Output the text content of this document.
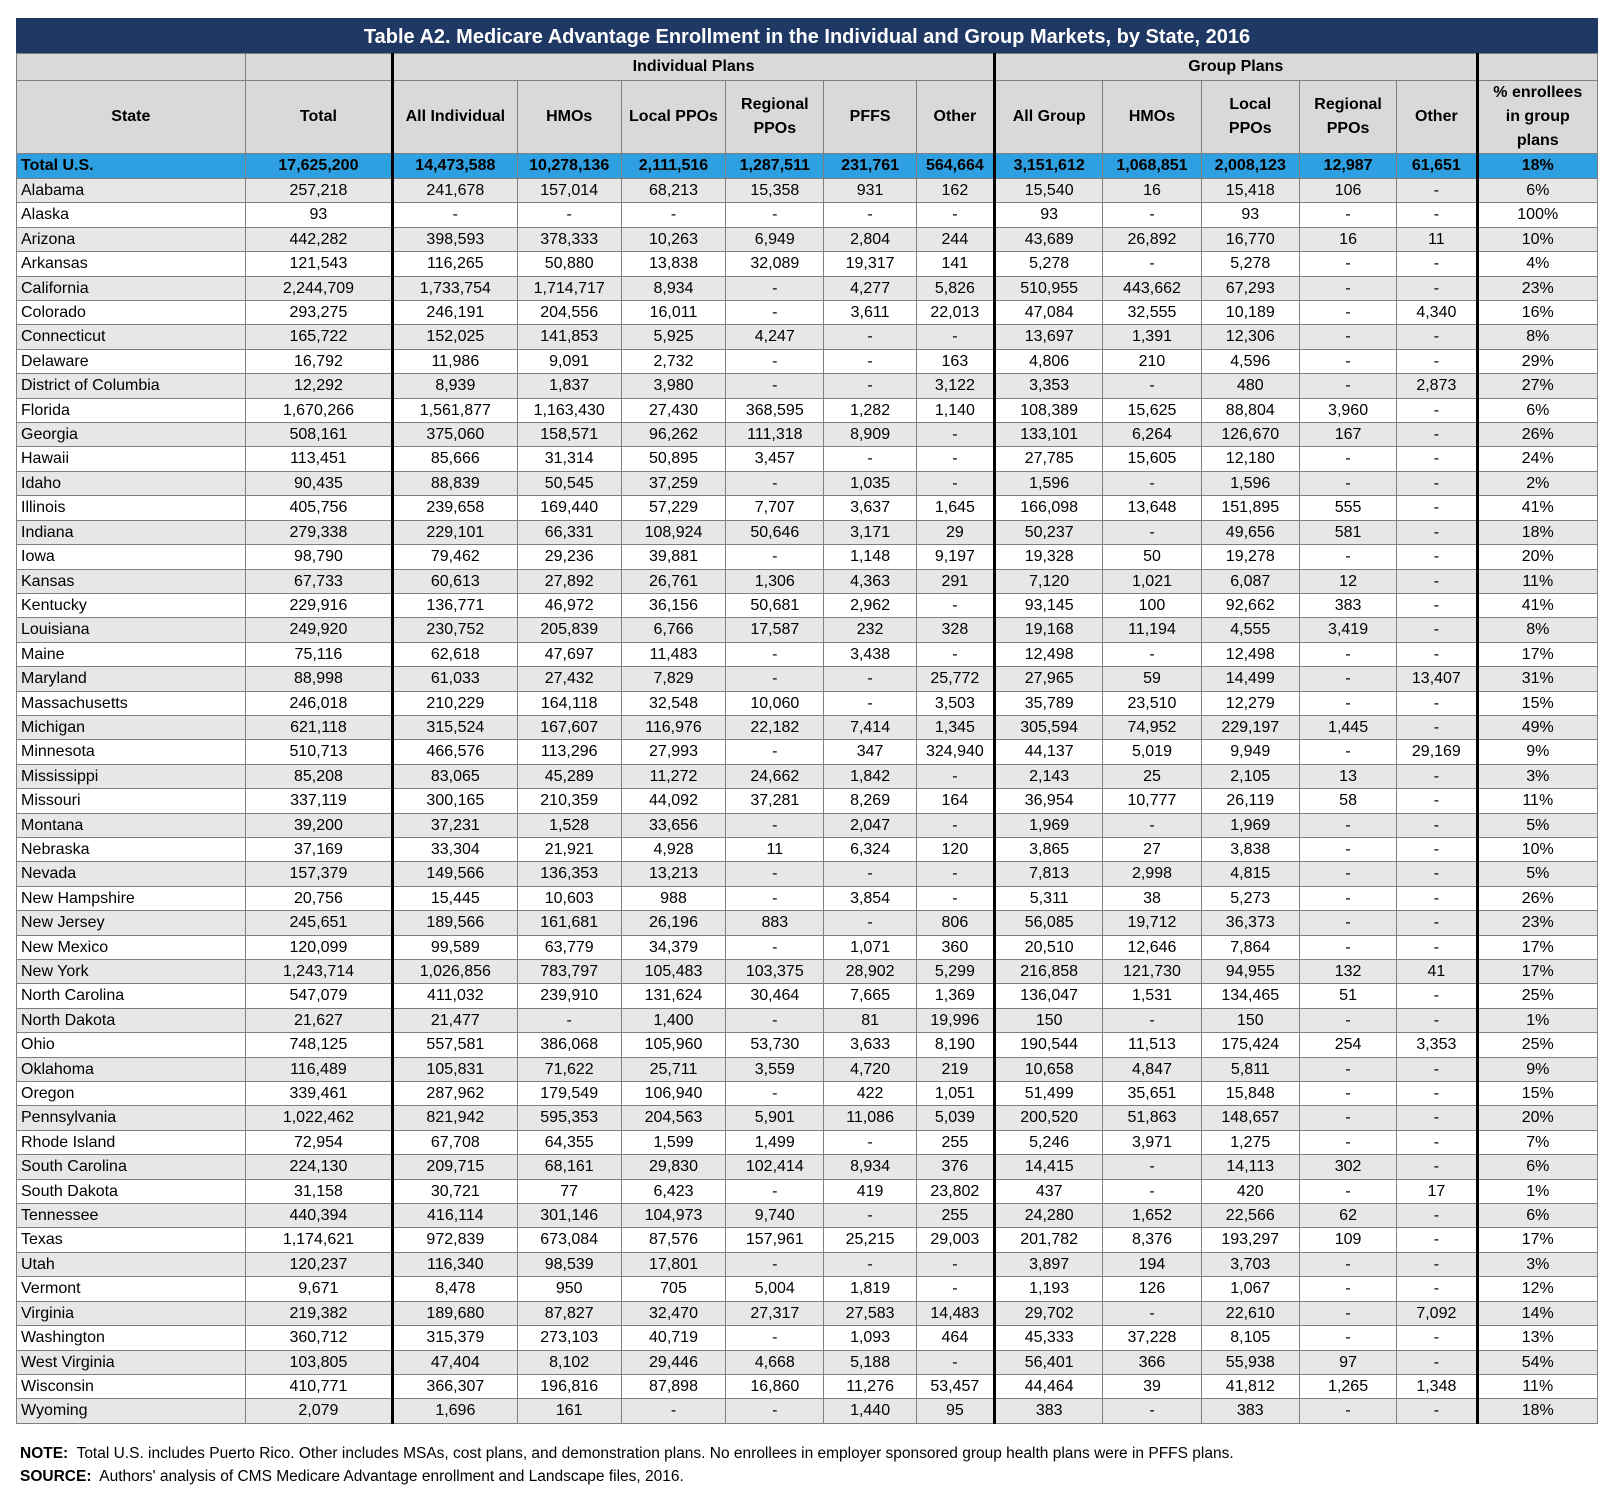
Table A2. Medicare Advantage Enrollment in the Individual and Group Markets, by State, 2016
		Individual Plans						Group Plans					
State	Total	All Individual	HMOs	Local PPOs	Regional PPOs	PFFS	Other	All Group	HMOs	Local PPOs	Regional PPOs	Other	% enrollees in group plans
Total U.S.	17,625,200	14,473,588	10,278,136	2,111,516	1,287,511	231,761	564,664	3,151,612	1,068,851	2,008,123	12,987	61,651	18%
Alabama	257,218	241,678	157,014	68,213	15,358	931	162	15,540	16	15,418	106	-	6%
Alaska	93	-	-	-	-	-	-	93	-	93	-	-	100%
Arizona	442,282	398,593	378,333	10,263	6,949	2,804	244	43,689	26,892	16,770	16	11	10%
Arkansas	121,543	116,265	50,880	13,838	32,089	19,317	141	5,278	-	5,278	-	-	4%
California	2,244,709	1,733,754	1,714,717	8,934	-	4,277	5,826	510,955	443,662	67,293	-	-	23%
Colorado	293,275	246,191	204,556	16,011	-	3,611	22,013	47,084	32,555	10,189	-	4,340	16%
Connecticut	165,722	152,025	141,853	5,925	4,247	-	-	13,697	1,391	12,306	-	-	8%
Delaware	16,792	11,986	9,091	2,732	-	-	163	4,806	210	4,596	-	-	29%
District of Columbia	12,292	8,939	1,837	3,980	-	-	3,122	3,353	-	480	-	2,873	27%
Florida	1,670,266	1,561,877	1,163,430	27,430	368,595	1,282	1,140	108,389	15,625	88,804	3,960	-	6%
Georgia	508,161	375,060	158,571	96,262	111,318	8,909	-	133,101	6,264	126,670	167	-	26%
Hawaii	113,451	85,666	31,314	50,895	3,457	-	-	27,785	15,605	12,180	-	-	24%
Idaho	90,435	88,839	50,545	37,259	-	1,035	-	1,596	-	1,596	-	-	2%
Illinois	405,756	239,658	169,440	57,229	7,707	3,637	1,645	166,098	13,648	151,895	555	-	41%
Indiana	279,338	229,101	66,331	108,924	50,646	3,171	29	50,237	-	49,656	581	-	18%
Iowa	98,790	79,462	29,236	39,881	-	1,148	9,197	19,328	50	19,278	-	-	20%
Kansas	67,733	60,613	27,892	26,761	1,306	4,363	291	7,120	1,021	6,087	12	-	11%
Kentucky	229,916	136,771	46,972	36,156	50,681	2,962	-	93,145	100	92,662	383	-	41%
Louisiana	249,920	230,752	205,839	6,766	17,587	232	328	19,168	11,194	4,555	3,419	-	8%
Maine	75,116	62,618	47,697	11,483	-	3,438	-	12,498	-	12,498	-	-	17%
Maryland	88,998	61,033	27,432	7,829	-	-	25,772	27,965	59	14,499	-	13,407	31%
Massachusetts	246,018	210,229	164,118	32,548	10,060	-	3,503	35,789	23,510	12,279	-	-	15%
Michigan	621,118	315,524	167,607	116,976	22,182	7,414	1,345	305,594	74,952	229,197	1,445	-	49%
Minnesota	510,713	466,576	113,296	27,993	-	347	324,940	44,137	5,019	9,949	-	29,169	9%
Mississippi	85,208	83,065	45,289	11,272	24,662	1,842	-	2,143	25	2,105	13	-	3%
Missouri	337,119	300,165	210,359	44,092	37,281	8,269	164	36,954	10,777	26,119	58	-	11%
Montana	39,200	37,231	1,528	33,656	-	2,047	-	1,969	-	1,969	-	-	5%
Nebraska	37,169	33,304	21,921	4,928	11	6,324	120	3,865	27	3,838	-	-	10%
Nevada	157,379	149,566	136,353	13,213	-	-	-	7,813	2,998	4,815	-	-	5%
New Hampshire	20,756	15,445	10,603	988	-	3,854	-	5,311	38	5,273	-	-	26%
New Jersey	245,651	189,566	161,681	26,196	883	-	806	56,085	19,712	36,373	-	-	23%
New Mexico	120,099	99,589	63,779	34,379	-	1,071	360	20,510	12,646	7,864	-	-	17%
New York	1,243,714	1,026,856	783,797	105,483	103,375	28,902	5,299	216,858	121,730	94,955	132	41	17%
North Carolina	547,079	411,032	239,910	131,624	30,464	7,665	1,369	136,047	1,531	134,465	51	-	25%
North Dakota	21,627	21,477	-	1,400	-	81	19,996	150	-	150	-	-	1%
Ohio	748,125	557,581	386,068	105,960	53,730	3,633	8,190	190,544	11,513	175,424	254	3,353	25%
Oklahoma	116,489	105,831	71,622	25,711	3,559	4,720	219	10,658	4,847	5,811	-	-	9%
Oregon	339,461	287,962	179,549	106,940	-	422	1,051	51,499	35,651	15,848	-	-	15%
Pennsylvania	1,022,462	821,942	595,353	204,563	5,901	11,086	5,039	200,520	51,863	148,657	-	-	20%
Rhode Island	72,954	67,708	64,355	1,599	1,499	-	255	5,246	3,971	1,275	-	-	7%
South Carolina	224,130	209,715	68,161	29,830	102,414	8,934	376	14,415	-	14,113	302	-	6%
South Dakota	31,158	30,721	77	6,423	-	419	23,802	437	-	420	-	17	1%
Tennessee	440,394	416,114	301,146	104,973	9,740	-	255	24,280	1,652	22,566	62	-	6%
Texas	1,174,621	972,839	673,084	87,576	157,961	25,215	29,003	201,782	8,376	193,297	109	-	17%
Utah	120,237	116,340	98,539	17,801	-	-	-	3,897	194	3,703	-	-	3%
Vermont	9,671	8,478	950	705	5,004	1,819	-	1,193	126	1,067	-	-	12%
Virginia	219,382	189,680	87,827	32,470	27,317	27,583	14,483	29,702	-	22,610	-	7,092	14%
Washington	360,712	315,379	273,103	40,719	-	1,093	464	45,333	37,228	8,105	-	-	13%
West Virginia	103,805	47,404	8,102	29,446	4,668	5,188	-	56,401	366	55,938	97	-	54%
Wisconsin	410,771	366,307	196,816	87,898	16,860	11,276	53,457	44,464	39	41,812	1,265	1,348	11%
Wyoming	2,079	1,696	161	-	-	1,440	95	383	-	383	-	-	18%
NOTE: Total U.S. includes Puerto Rico. Other includes MSAs, cost plans, and demonstration plans. No enrollees in employer sponsored group health plans were in PFFS plans.
SOURCE: Authors' analysis of CMS Medicare Advantage enrollment and Landscape files, 2016.
